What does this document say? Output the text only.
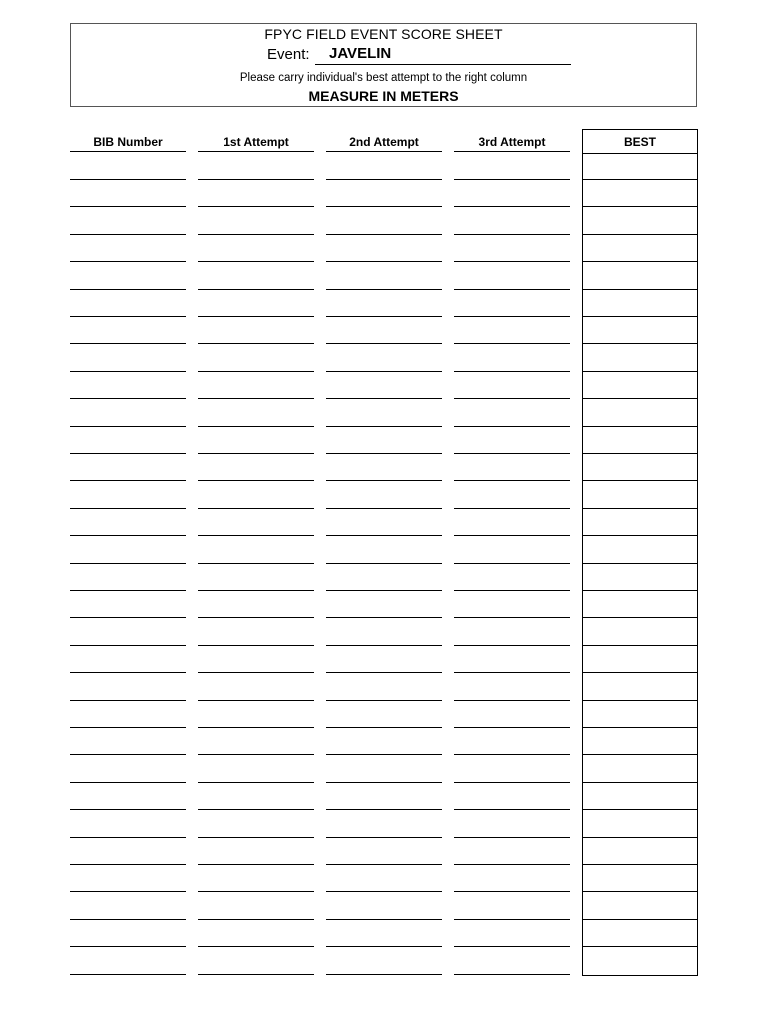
FPYC FIELD EVENT SCORE SHEET
Event:	JAVELIN
Please carry individual's best attempt to the right column
MEASURE IN METERS
BIB Number	1st Attempt	2nd Attempt	3rd Attempt	BEST
